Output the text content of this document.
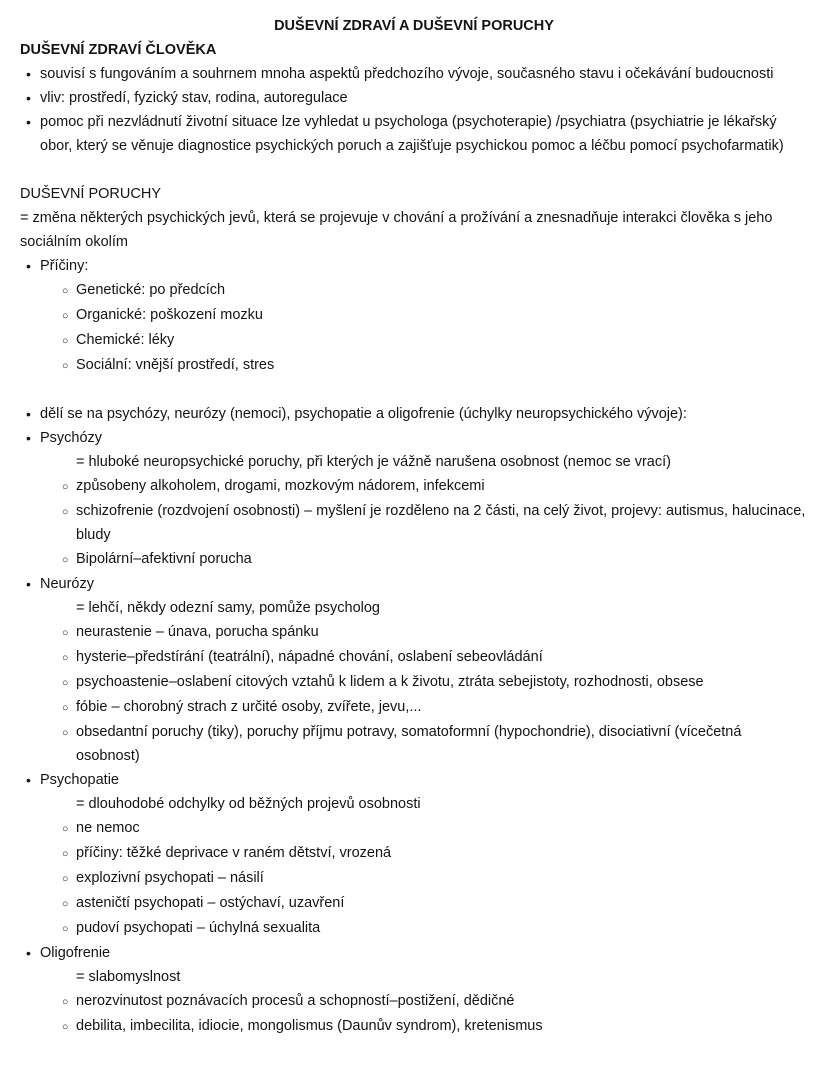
DUŠEVNÍ ZDRAVÍ A DUŠEVNÍ PORUCHY
DUŠEVNÍ ZDRAVÍ ČLOVĚKA
• souvisí s fungováním a souhrnem mnoha aspektů předchozího vývoje, současného stavu i očekávání budoucnosti
• vliv: prostředí, fyzický stav, rodina, autoregulace
• pomoc při nezvládnutí životní situace lze vyhledat u psychologa (psychoterapie) /psychiatra (psychiatrie je lékařský obor, který se věnuje diagnostice psychických poruch a zajišťuje psychickou pomoc a léčbu pomocí psychofarmatik)
DUŠEVNÍ PORUCHY
= změna některých psychických jevů, která se projevuje v chování a prožívání a znesnadňuje interakci člověka s jeho sociálním okolím
• Příčiny:
○ Genetické: po předcích
○ Organické: poškození mozku
○ Chemické: léky
○ Sociální: vnější prostředí, stres
• dělí se na psychózy, neurózy (nemoci), psychopatie a oligofrenie (úchylky neuropsychického vývoje):
• Psychózy
= hluboké neuropsychické poruchy, při kterých je vážně narušena osobnost (nemoc se vrací)
○ způsobeny alkoholem, drogami, mozkovým nádorem, infekcemi
○ schizofrenie (rozdvojení osobnosti) – myšlení je rozděleno na 2 části, na celý život, projevy: autismus, halucinace, bludy
○ Bipolární–afektivní porucha
• Neurózy
= lehčí, někdy odezní samy, pomůže psycholog
○ neurastenie – únava, porucha spánku
○ hysterie–předstírání (teatrální), nápadné chování, oslabení sebeovládání
○ psychoastenie–oslabení citových vztahů k lidem a k životu, ztráta sebejistoty, rozhodnosti, obsese
○ fóbie – chorobný strach z určité osoby, zvířete, jevu,...
○ obsedantní poruchy (tiky), poruchy příjmu potravy, somatoformní (hypochondrie), disociativní (vícečetná osobnost)
• Psychopatie
= dlouhodobé odchylky od běžných projevů osobnosti
○ ne nemoc
○ příčiny: těžké deprivace v raném dětství, vrozená
○ explozivní psychopati – násilí
○ asteničtí psychopati – ostýchaví, uzavření
○ pudoví psychopati – úchylná sexualita
• Oligofrenie
= slabomyslnost
○ nerozvinutost poznávacích procesů a schopností–postižení, dědičné
○ debilita, imbecilita, idiocie, mongolismus (Daunův syndrom), kretenismus
